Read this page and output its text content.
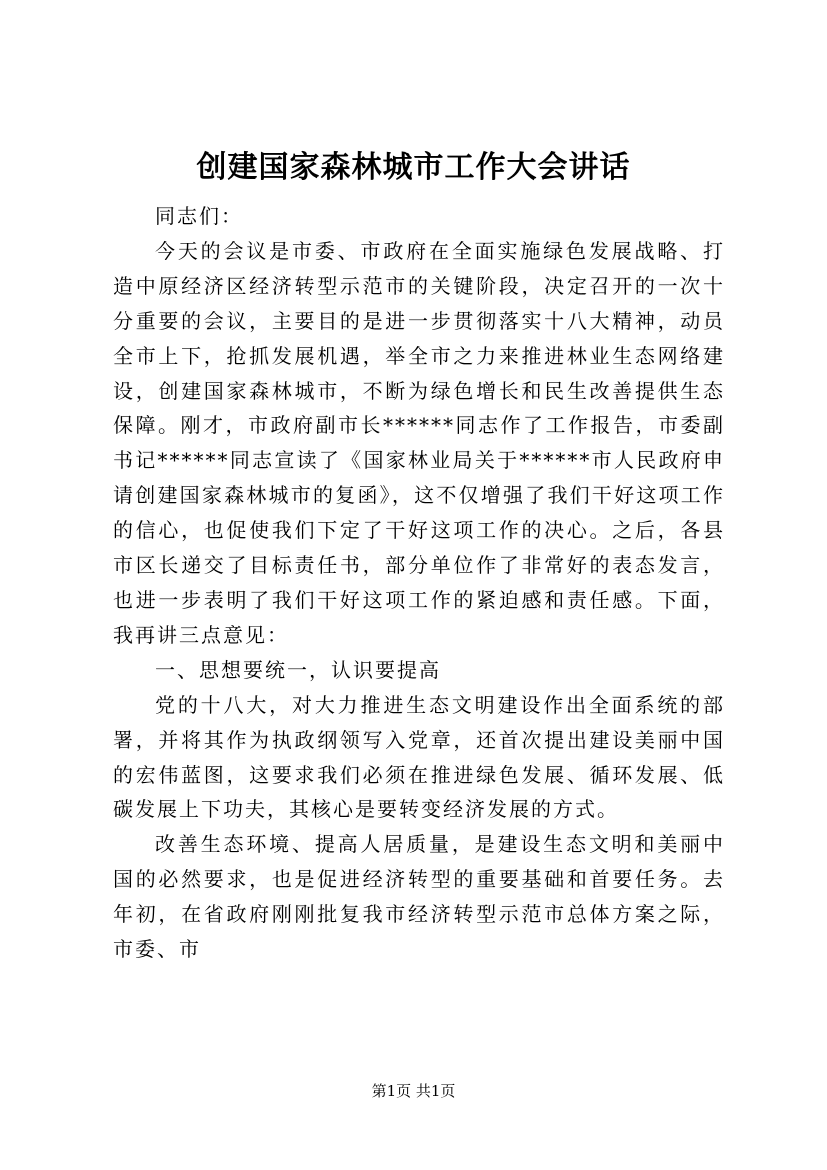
创建国家森林城市工作大会讲话

同志们：

今天的会议是市委、市政府在全面实施绿色发展战略、打造中原经济区经济转型示范市的关键阶段，决定召开的一次十分重要的会议，主要目的是进一步贯彻落实十八大精神，动员全市上下，抢抓发展机遇，举全市之力来推进林业生态网络建设，创建国家森林城市，不断为绿色增长和民生改善提供生态保障。刚才，市政府副市长******同志作了工作报告，市委副书记******同志宣读了《国家林业局关于******市人民政府申请创建国家森林城市的复函》，这不仅增强了我们干好这项工作的信心，也促使我们下定了干好这项工作的决心。之后，各县市区长递交了目标责任书，部分单位作了非常好的表态发言，也进一步表明了我们干好这项工作的紧迫感和责任感。下面，我再讲三点意见：

一、思想要统一，认识要提高

党的十八大，对大力推进生态文明建设作出全面系统的部署，并将其作为执政纲领写入党章，还首次提出建设美丽中国的宏伟蓝图，这要求我们必须在推进绿色发展、循环发展、低碳发展上下功夫，其核心是要转变经济发展的方式。

改善生态环境、提高人居质量，是建设生态文明和美丽中国的必然要求，也是促进经济转型的重要基础和首要任务。去年初，在省政府刚刚批复我市经济转型示范市总体方案之际，市委、市

第1页 共1页
